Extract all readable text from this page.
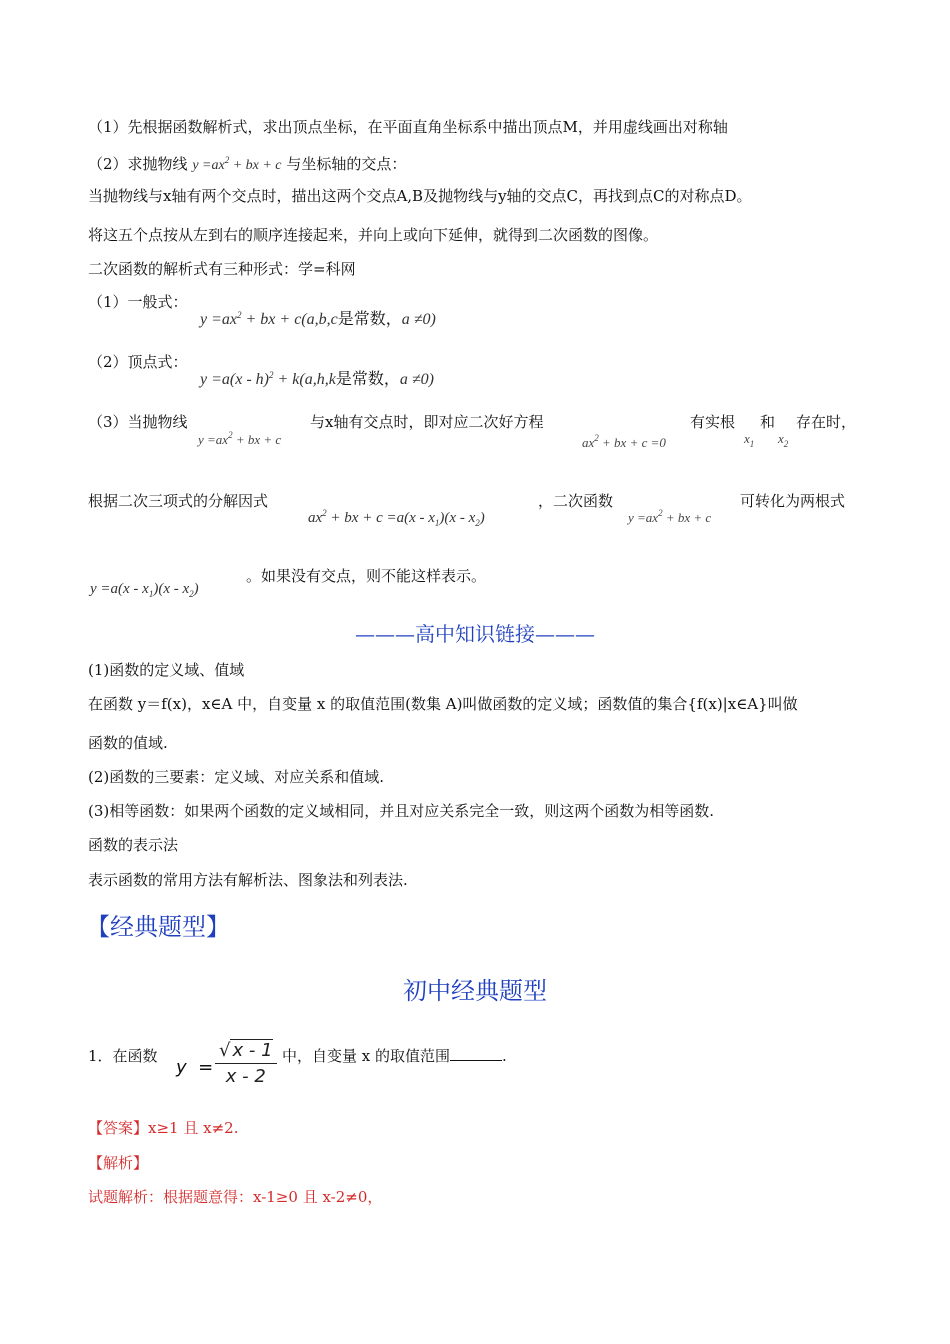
（1）先根据函数解析式，求出顶点坐标，在平面直角坐标系中描出顶点M，并用虚线画出对称轴
（2）求抛物线 $y =ax^2$ + bx + c 与坐标轴的交点：
当抛物线与x轴有两个交点时，描出这两个交点A,B及抛物线与y轴的交点C，再找到点C的对称点D。
将这五个点按从左到右的顺序连接起来，并向上或向下延伸，就得到二次函数的图像。
二次函数的解析式有三种形式：学=科网
（1）一般式：
$y =ax^2$ + bx + c(a,b,c是常数，a ≠0)
（2）顶点式：
y =a(x - h)$^2$ + k(a,h,k是常数，a ≠0)
（3）当抛物线
$y =ax^2$ + bx + c
与x轴有交点时，即对应二次好方程
$ax^2$ + bx + c =0
有实根
$x_1$
和
$x_2$
存在时，
根据二次三项式的分解因式
$ax^2$ + bx + $c =a(x - x_1)(x - x_2)$
，二次函数
$y =ax^2$ + bx + c
可转化为两根式
$y =a(x - x_1)(x - x_2)$
。如果没有交点，则不能这样表示。
———高中知识链接———
(1)函数的定义域、值域
在函数 y＝f(x)，x∈A 中，自变量 x 的取值范围(数集 A)叫做函数的定义域；函数值的集合{f(x)|x∈A}叫做
函数的值域.
(2)函数的三要素：定义域、对应关系和值域.
(3)相等函数：如果两个函数的定义域相同，并且对应关系完全一致，则这两个函数为相等函数.
函数的表示法
表示函数的常用方法有解析法、图象法和列表法.
【经典题型】
初中经典题型
1．在函数
$y = \frac{√ x - 1}{x - 2}$ 中，自变量 x 的取值范围	.
【答案】x≥1 且 x≠2.
【解析】
试题解析：根据题意得：x-1≥0 且 x-2≠0，
